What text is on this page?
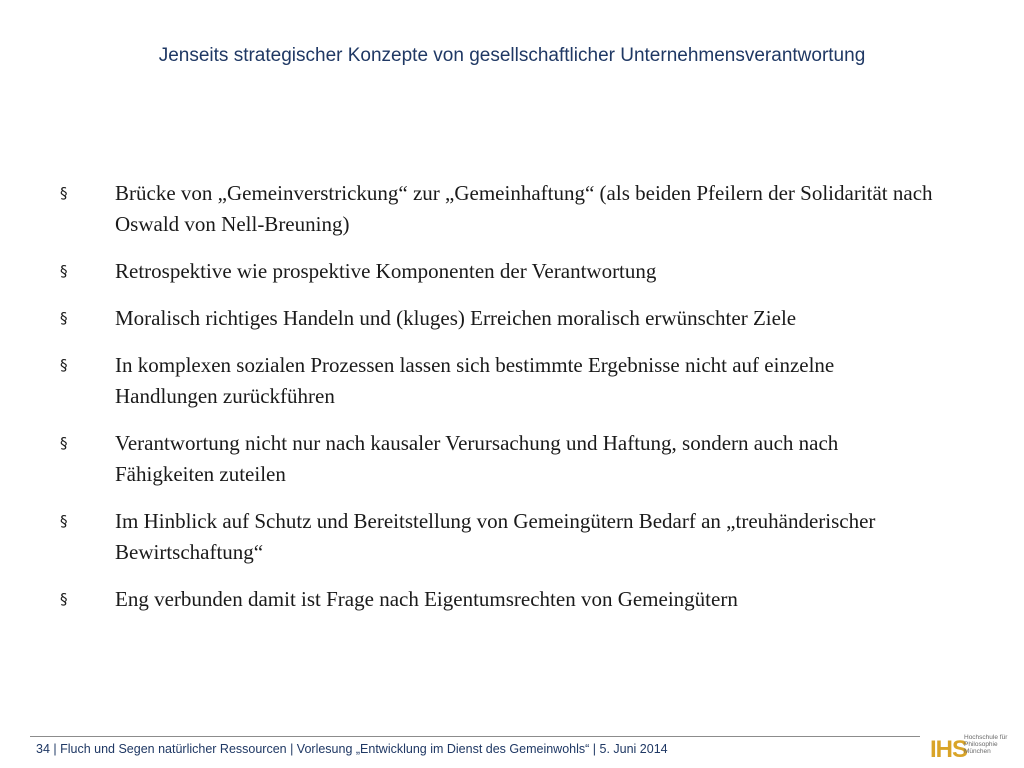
Jenseits strategischer Konzepte von gesellschaftlicher Unternehmensverantwortung
§ Brücke von „Gemeinverstrickung“ zur „Gemeinhaftung“ (als beiden Pfeilern der Solidarität nach Oswald von Nell-Breuning)
§ Retrospektive wie prospektive Komponenten der Verantwortung
§ Moralisch richtiges Handeln und (kluges) Erreichen moralisch erwünschter Ziele
§ In komplexen sozialen Prozessen lassen sich bestimmte Ergebnisse nicht auf einzelne Handlungen zurückführen
§ Verantwortung nicht nur nach kausaler Verursachung und Haftung, sondern auch nach Fähigkeiten zuteilen
§ Im Hinblick auf Schutz und Bereitstellung von Gemeingütern Bedarf an „treuhänderischer Bewirtschaftung“
§ Eng verbunden damit ist Frage nach Eigentumsrechten von Gemeingütern
34 | Fluch und Segen natürlicher Ressourcen | Vorlesung „Entwicklung im Dienst des Gemeinwohls“ | 5. Juni 2014	IHS
Hochschule für Philosophie München
